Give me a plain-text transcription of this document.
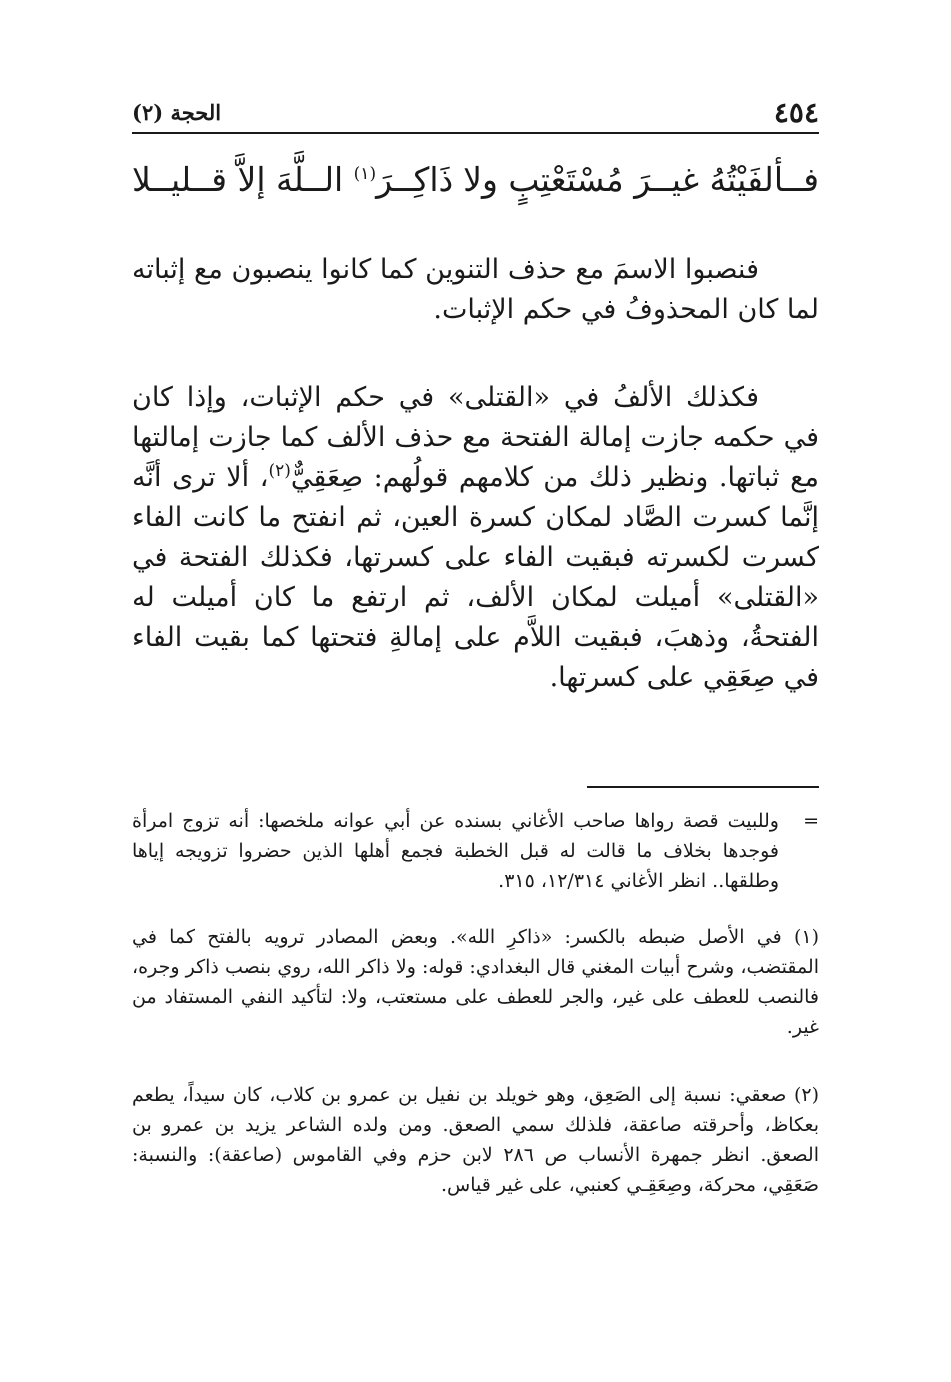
٤٥٤
الحجة (٢)
فــألفَيْتُهُ غيــرَ مُسْتَعْتِبٍ ولا
ذَاكِــرَ$^{(١)}$ الــلَّهَ إلاَّ قــليــلا

فنصبوا الاسمَ مع حذف التنوين كما كانوا ينصبون مع إثباته لما كان المحذوفُ في حكم الإثبات.

فكذلك الألفُ في «القتلى» في حكم الإثبات، وإذا كان في حكمه جازت إمالة الفتحة مع حذف الألف كما جازت إمالتها مع ثباتها. ونظير ذلك من كلامهم قولُهم: صِعَقِيٌّ$^{(٢)}$، ألا ترى أنَّه إنَّما كسرت الصَّاد لمكان كسرة العين، ثم انفتح ما كانت الفاء كسرت لكسرته فبقيت الفاء على كسرتها، فكذلك الفتحة في «القتلى» أميلت لمكان الألف، ثم ارتفع ما كان أميلت له الفتحةُ، وذهبَ، فبقيت اللاَّم على إمالةِ فتحتها كما بقيت الفاء في صِعَقِي على كسرتها.

=
وللبيت قصة رواها صاحب الأغاني بسنده عن أبي عوانه ملخصها: أنه تزوج امرأة فوجدها بخلاف ما قالت له قبل الخطبة فجمع أهلها الذين حضروا تزويجه إياها وطلقها.. انظر الأغاني ١٢/٣١٤، ٣١٥.

(١) في الأصل ضبطه بالكسر: «ذاكرِ الله». وبعض المصادر ترويه بالفتح كما في المقتضب، وشرح أبيات المغني قال البغدادي: قوله: ولا ذاكر الله، روي بنصب ذاكر وجره، فالنصب للعطف على غير، والجر للعطف على مستعتب، ولا: لتأكيد النفي المستفاد من غير.

(٢) صعقي: نسبة إلى الصَعِق، وهو خويلد بن نفيل بن عمرو بن كلاب، كان سيداً، يطعم بعكاظ، وأحرقته صاعقة، فلذلك سمي الصعق. ومن ولده الشاعر يزيد بن عمرو بن الصعق. انظر جمهرة الأنساب ص ٢٨٦ لابن حزم وفي القاموس (صاعقة): والنسبة: صَعَقِي، محركة، وصِعَقِـي كعنبي، على غير قياس.
